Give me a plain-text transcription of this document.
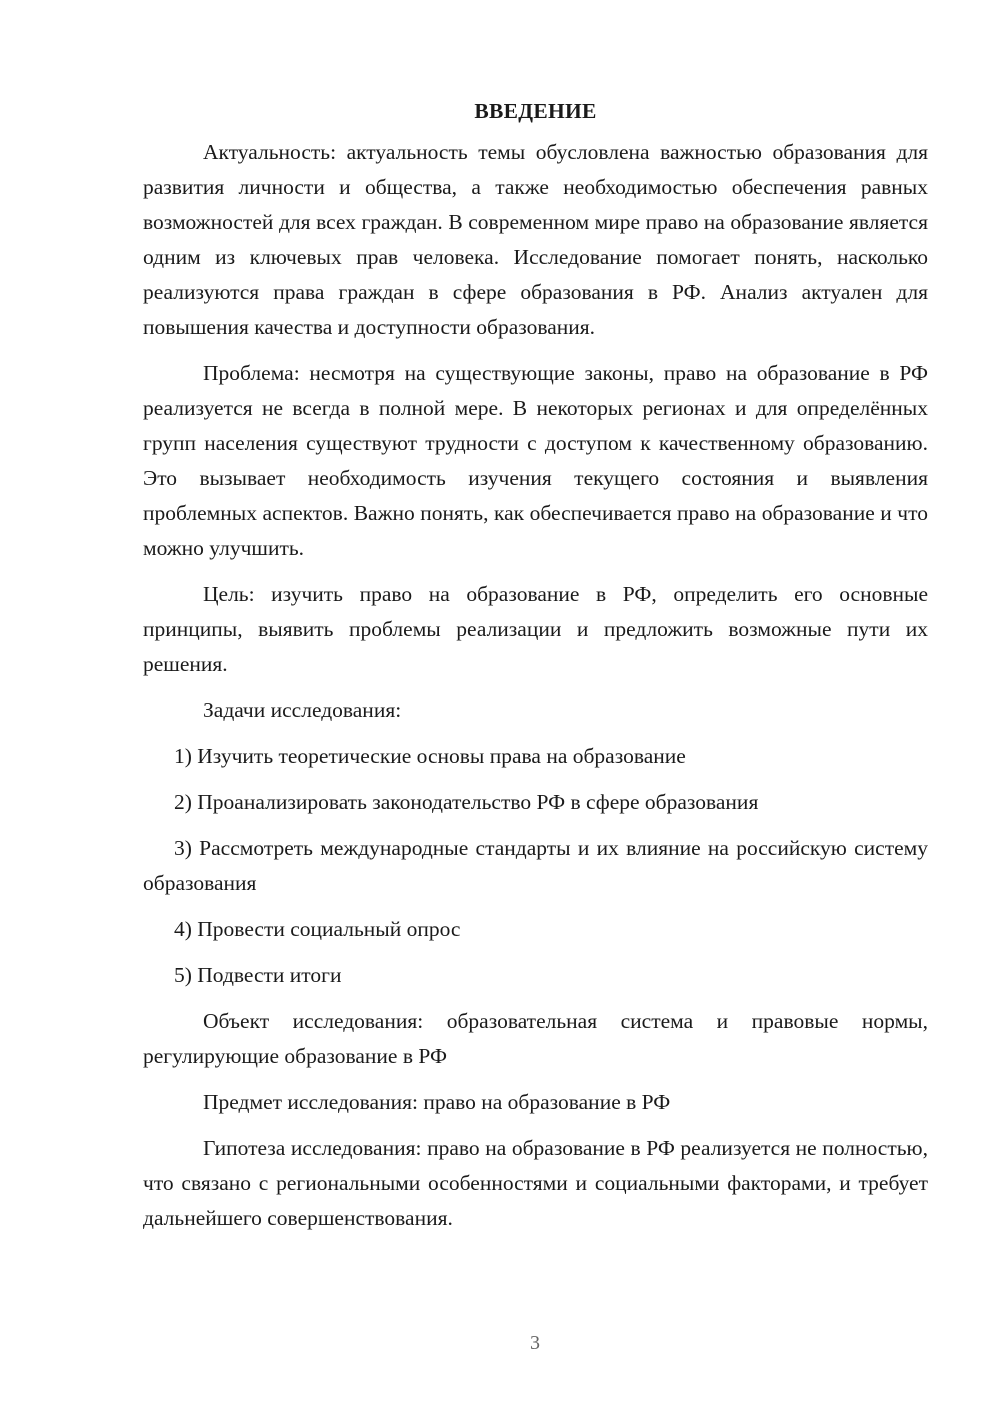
ВВЕДЕНИЕ

Актуальность: актуальность темы обусловлена важностью образования для развития личности и общества, а также необходимостью обеспечения равных возможностей для всех граждан. В современном мире право на образование является одним из ключевых прав человека. Исследование помогает понять, насколько реализуются права граждан в сфере образования в РФ. Анализ актуален для повышения качества и доступности образования.

Проблема: несмотря на существующие законы, право на образование в РФ реализуется не всегда в полной мере. В некоторых регионах и для определённых групп населения существуют трудности с доступом к качественному образованию. Это вызывает необходимость изучения текущего состояния и выявления проблемных аспектов. Важно понять, как обеспечивается право на образование и что можно улучшить.

Цель: изучить право на образование в РФ, определить его основные принципы, выявить проблемы реализации и предложить возможные пути их решения.

Задачи исследования:

1) Изучить теоретические основы права на образование

2) Проанализировать законодательство РФ в сфере образования

3) Рассмотреть международные стандарты и их влияние на российскую систему образования

4) Провести социальный опрос

5) Подвести итоги

Объект исследования: образовательная система и правовые нормы, регулирующие образование в РФ

Предмет исследования: право на образование в РФ

Гипотеза исследования: право на образование в РФ реализуется не полностью, что связано с региональными особенностями и социальными факторами, и требует дальнейшего совершенствования.

3
